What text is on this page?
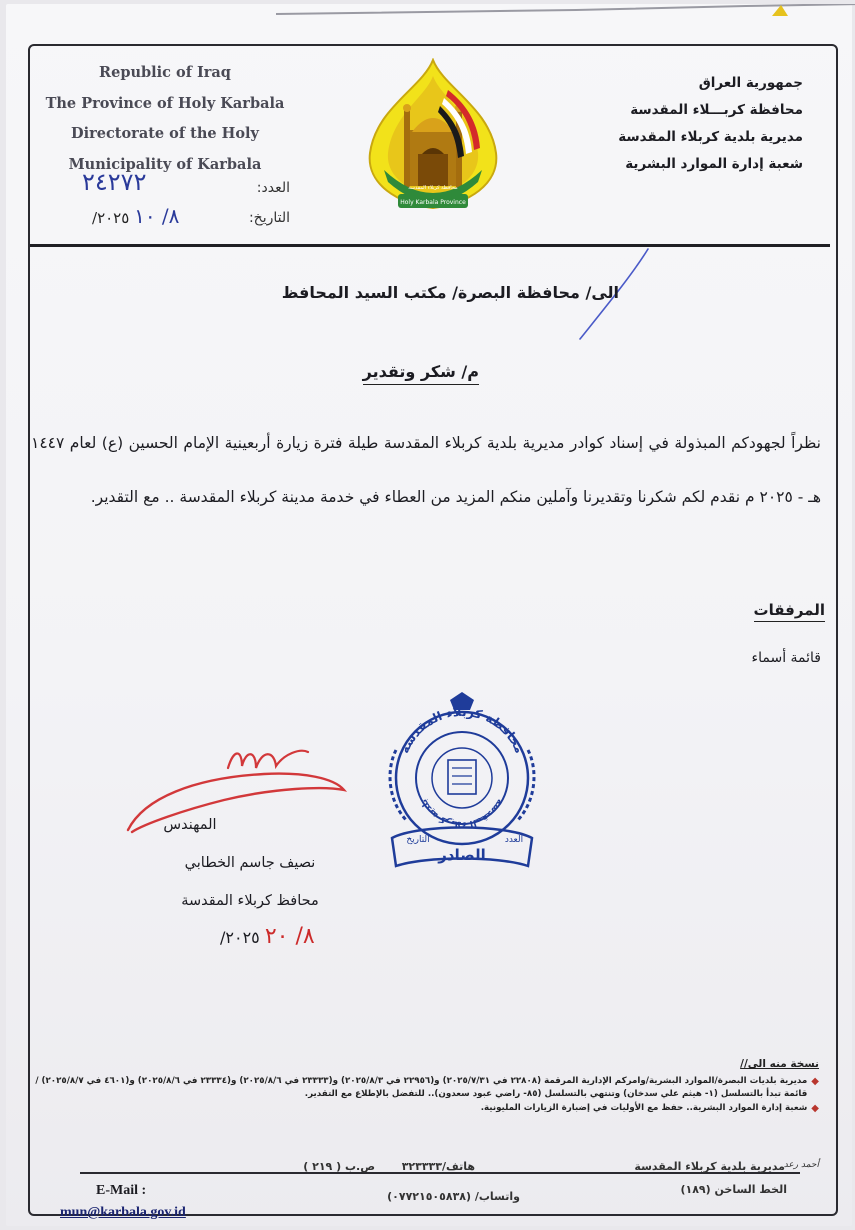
Republic of Iraq
The Province of Holy Karbala
Directorate of the Holy
Municipality of Karbala
جمهورية العراق
محافظة كربـــلاء المقدسة
مديرية بلدية كربلاء المقدسة
شعبة إدارة الموارد البشرية
العدد:
٢٤٢٧٢
التاريخ:
٨/ ١٠ ٢٠٢٥/
Holy Karbala Province
محافظة كربلاء المقدسة
الى/ محافظة البصرة/ مكتب السيد المحافظ
م/ شكر وتقدير
نظراً لجهودكم المبذولة في إسناد كوادر مديرية بلدية كربلاء المقدسة طيلة فترة زيارة أربعينية الإمام الحسين (ع) لعام ١٤٤٧ هـ - ٢٠٢٥ م نقدم لكم شكرنا وتقديرنا وآملين منكم المزيد من العطاء في خدمة مدينة كربلاء المقدسة .. مع التقدير.
المرفقات
قائمة أسماء
المهندس
نصيف جاسم الخطابي
محافظ كربلاء المقدسة
٨/ ٢٠ ٢٠٢٥/
محافظة كربلاء المقدسة
بلدية كربلاء المقدسة
العدد
التاريخ
الصادر
نسخة منه الى//
◆
مديرية بلديات البصرة/الموارد البشرية/وامركم الإدارية المرقمة (٢٢٨٠٨ في ٢٠٢٥/٧/٣١) و(٢٢٩٥٦ في ٢٠٢٥/٨/٣) و(٢٣٣٣٣ في ٢٠٢٥/٨/٦) و(٢٣٣٣٤ في ٢٠٢٥/٨/٦) و(٤٦٠١ في ٢٠٢٥/٨/٧) /قائمة تبدأ بالتسلسل (١- هيثم علي سدخان) وتنتهي بالتسلسل (٨٥- راضي عبود سعدون).. للتفضل بالإطلاع مع التقدير.
◆
شعبة إدارة الموارد البشرية.. حفظ مع الأوليات في إضبارة الزيارات المليونية.
أحمد رعد
مديرية بلدية كربلاء المقدسة
الخط الساخن (١٨٩)
هاتف/٣٢٣٣٣٣
ص.ب ( ٢١٩ )
واتساب/ (٠٧٧٢١٥٠٥٨٣٨)
E-Mail :
mun@karbala.gov.id
